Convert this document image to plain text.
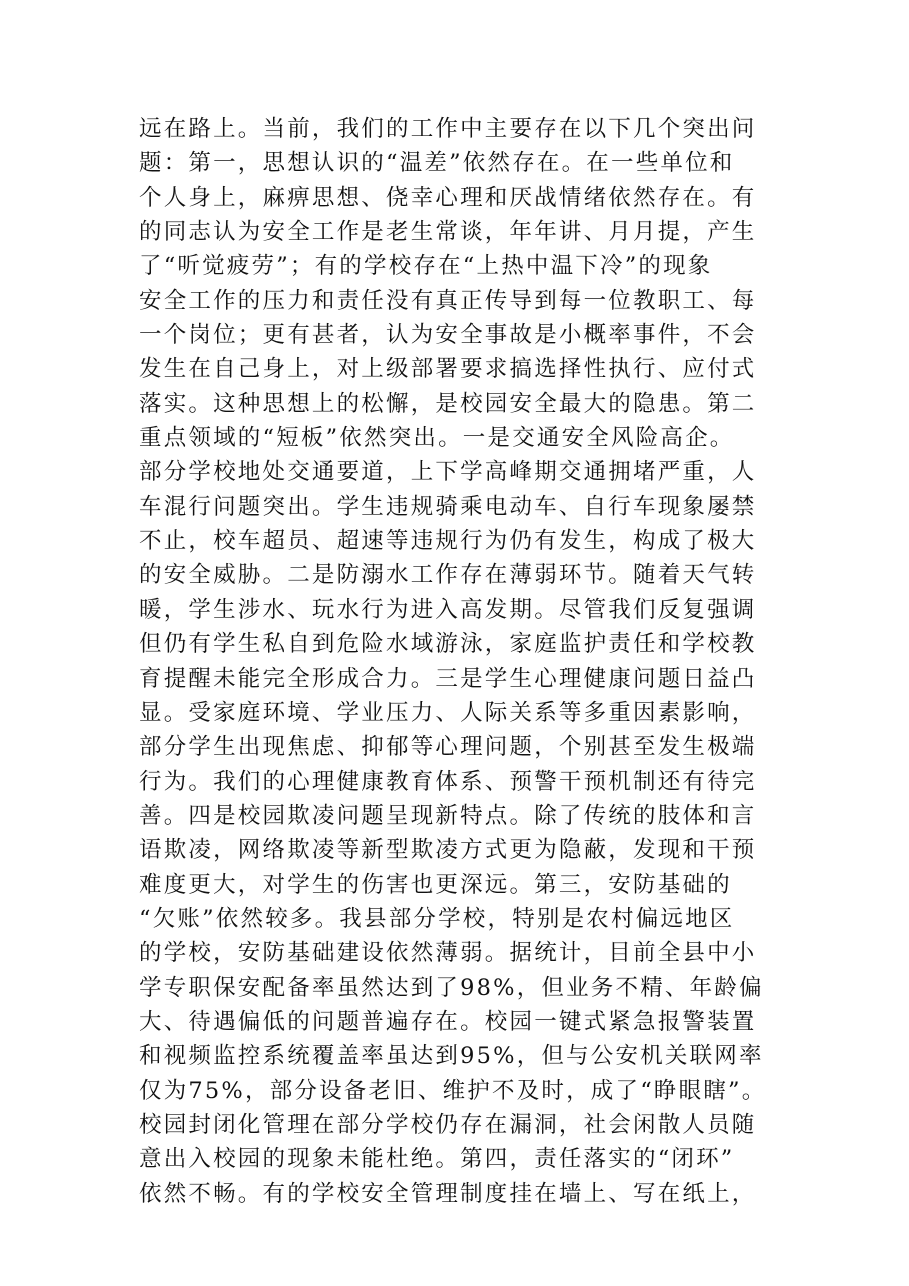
远在路上。当前，我们的工作中主要存在以下几个突出问
题：第一，思想认识的“温差”依然存在。在一些单位和
个人身上，麻痹思想、侥幸心理和厌战情绪依然存在。有
的同志认为安全工作是老生常谈，年年讲、月月提，产生
了“听觉疲劳”；有的学校存在“上热中温下冷”的现象
安全工作的压力和责任没有真正传导到每一位教职工、每
一个岗位；更有甚者，认为安全事故是小概率事件，不会
发生在自己身上，对上级部署要求搞选择性执行、应付式
落实。这种思想上的松懈，是校园安全最大的隐患。第二
重点领域的“短板”依然突出。一是交通安全风险高企。
部分学校地处交通要道，上下学高峰期交通拥堵严重，人
车混行问题突出。学生违规骑乘电动车、自行车现象屡禁
不止，校车超员、超速等违规行为仍有发生，构成了极大
的安全威胁。二是防溺水工作存在薄弱环节。随着天气转
暖，学生涉水、玩水行为进入高发期。尽管我们反复强调
但仍有学生私自到危险水域游泳，家庭监护责任和学校教
育提醒未能完全形成合力。三是学生心理健康问题日益凸
显。受家庭环境、学业压力、人际关系等多重因素影响，
部分学生出现焦虑、抑郁等心理问题，个别甚至发生极端
行为。我们的心理健康教育体系、预警干预机制还有待完
善。四是校园欺凌问题呈现新特点。除了传统的肢体和言
语欺凌，网络欺凌等新型欺凌方式更为隐蔽，发现和干预
难度更大，对学生的伤害也更深远。第三，安防基础的
“欠账”依然较多。我县部分学校，特别是农村偏远地区
的学校，安防基础建设依然薄弱。据统计，目前全县中小
学专职保安配备率虽然达到了98%，但业务不精、年龄偏
大、待遇偏低的问题普遍存在。校园一键式紧急报警装置
和视频监控系统覆盖率虽达到95%，但与公安机关联网率
仅为75%，部分设备老旧、维护不及时，成了“睁眼瞎”。
校园封闭化管理在部分学校仍存在漏洞，社会闲散人员随
意出入校园的现象未能杜绝。第四，责任落实的“闭环”
依然不畅。有的学校安全管理制度挂在墙上、写在纸上，
